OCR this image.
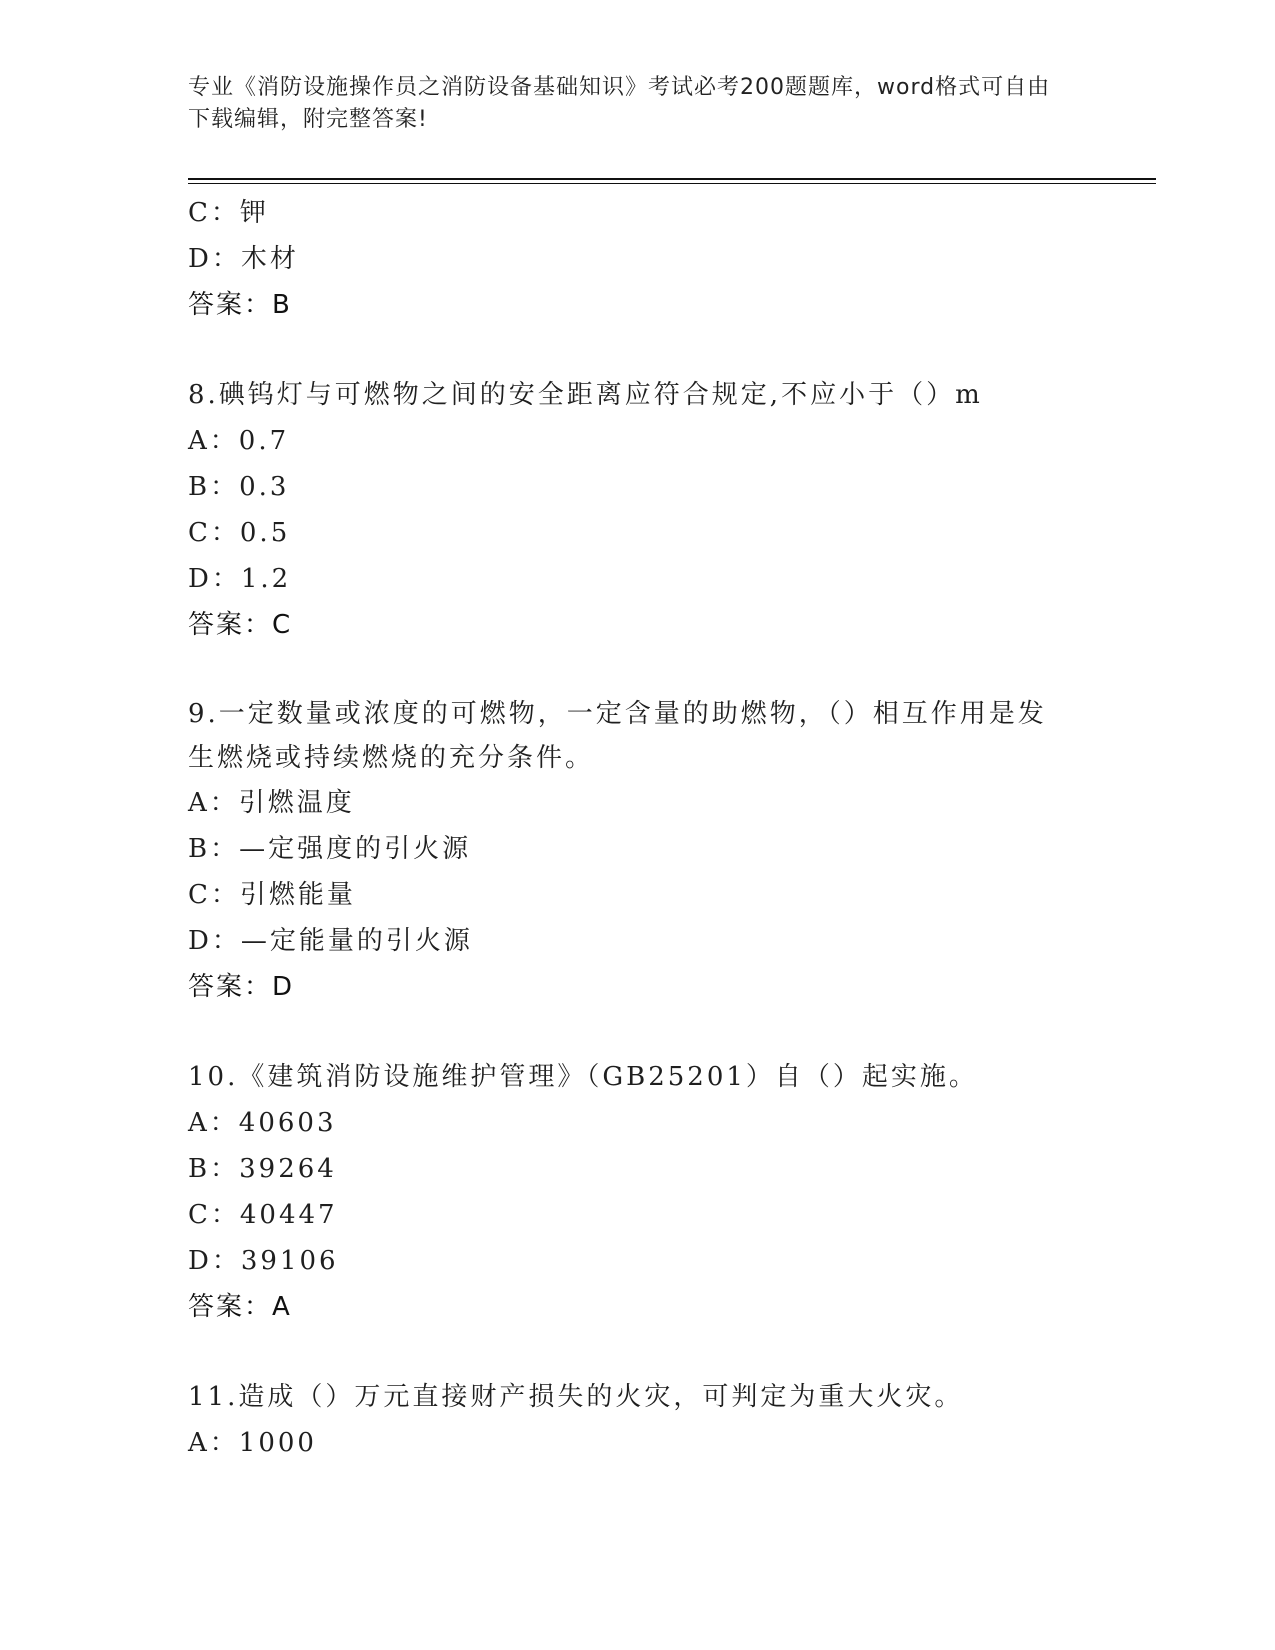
专业《消防设施操作员之消防设备基础知识》考试必考200题题库，word格式可自由下载编辑，附完整答案!
C：钾
D：木材
答案：B
8.碘钨灯与可燃物之间的安全距离应符合规定,不应小于（）m
A：0.7
B：0.3
C：0.5
D：1.2
答案：C
9.一定数量或浓度的可燃物，一定含量的助燃物，（）相互作用是发生燃烧或持续燃烧的充分条件。
A：引燃温度
B：—定强度的引火源
C：引燃能量
D：—定能量的引火源
答案：D
10.《建筑消防设施维护管理》（GB25201）自（）起实施。
A：40603
B：39264
C：40447
D：39106
答案：A
11.造成（）万元直接财产损失的火灾，可判定为重大火灾。
A：1000
